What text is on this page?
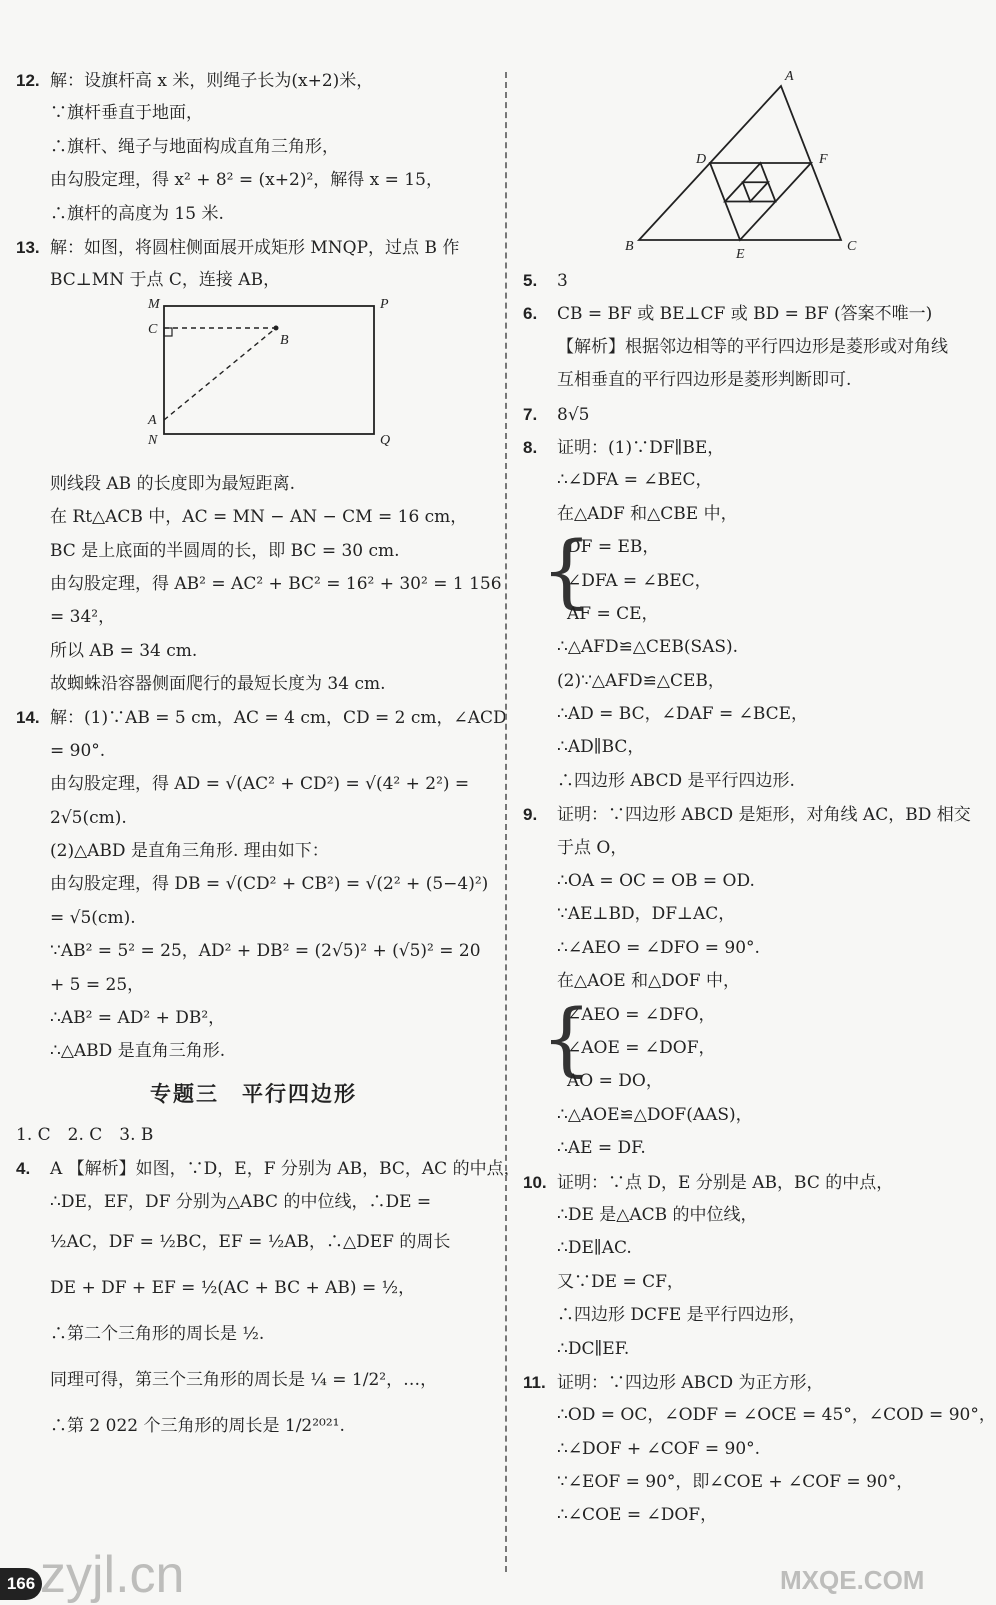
12. 解：设旗杆高 x 米，则绳子长为(x+2)米，
∵旗杆垂直于地面，
∴旗杆、绳子与地面构成直角三角形，
由勾股定理，得 x² + 8² = (x+2)²，解得 x = 15，
∴旗杆的高度为 15 米.
13. 解：如图，将圆柱侧面展开成矩形 MNQP，过点 B 作
BC⊥MN 于点 C，连接 AB，
M	P
C
B
A
N	Q
则线段 AB 的长度即为最短距离.
在 Rt△ACB 中，AC = MN − AN − CM = 16 cm，
BC 是上底面的半圆周的长，即 BC = 30 cm.
由勾股定理，得 AB² = AC² + BC² = 16² + 30² = 1 156
= 34²，
所以 AB = 34 cm.
故蜘蛛沿容器侧面爬行的最短长度为 34 cm.
14. 解：(1)∵AB = 5 cm，AC = 4 cm，CD = 2 cm，∠ACD
= 90°.
由勾股定理，得 AD = √(AC² + CD²) = √(4² + 2²) =
2√5(cm).
(2)△ABD 是直角三角形. 理由如下：
由勾股定理，得 DB = √(CD² + CB²) = √(2² + (5−4)²)
= √5(cm).
∵AB² = 5² = 25，AD² + DB² = (2√5)² + (√5)² = 20
+ 5 = 25，
∴AB² = AD² + DB²，
∴△ABD 是直角三角形.
专题三　平行四边形
1. C　2. C　3. B
4. A 【解析】如图，∵D，E，F 分别为 AB，BC，AC 的中点，
∴DE，EF，DF 分别为△ABC 的中位线，∴DE =
½AC，DF = ½BC，EF = ½AB，∴△DEF 的周长
DE + DF + EF = ½(AC + BC + AB) = ½，
∴第二个三角形的周长是 ½.
同理可得，第三个三角形的周长是 ¼ = 1/2²，…，
∴第 2 022 个三角形的周长是 1/2²⁰²¹.
A
D	F
B
E
C
5. 3
6. CB = BF 或 BE⊥CF 或 BD = BF (答案不唯一)
【解析】根据邻边相等的平行四边形是菱形或对角线
互相垂直的平行四边形是菱形判断即可.
7. 8√5
8. 证明：(1)∵DF∥BE，
∴∠DFA = ∠BEC，
在△ADF 和△CBE 中，
{
DF = EB，
∠DFA = ∠BEC，
AF = CE，
∴△AFD≌△CEB(SAS).
(2)∵△AFD≌△CEB，
∴AD = BC，∠DAF = ∠BCE，
∴AD∥BC，
∴四边形 ABCD 是平行四边形.
9. 证明：∵四边形 ABCD 是矩形，对角线 AC，BD 相交
于点 O，
∴OA = OC = OB = OD.
∵AE⊥BD，DF⊥AC，
∴∠AEO = ∠DFO = 90°.
在△AOE 和△DOF 中，
{
∠AEO = ∠DFO，
∠AOE = ∠DOF，
AO = DO，
∴△AOE≌△DOF(AAS)，
∴AE = DF.
10. 证明：∵点 D，E 分别是 AB，BC 的中点，
∴DE 是△ACB 的中位线，
∴DE∥AC.
又∵DE = CF，
∴四边形 DCFE 是平行四边形，
∴DC∥EF.
11. 证明：∵四边形 ABCD 为正方形，
∴OD = OC，∠ODF = ∠OCE = 45°，∠COD = 90°，
∴∠DOF + ∠COF = 90°.
∵∠EOF = 90°，即∠COE + ∠COF = 90°，
∴∠COE = ∠DOF，
166 zyjl.cn	MXQE.COM
